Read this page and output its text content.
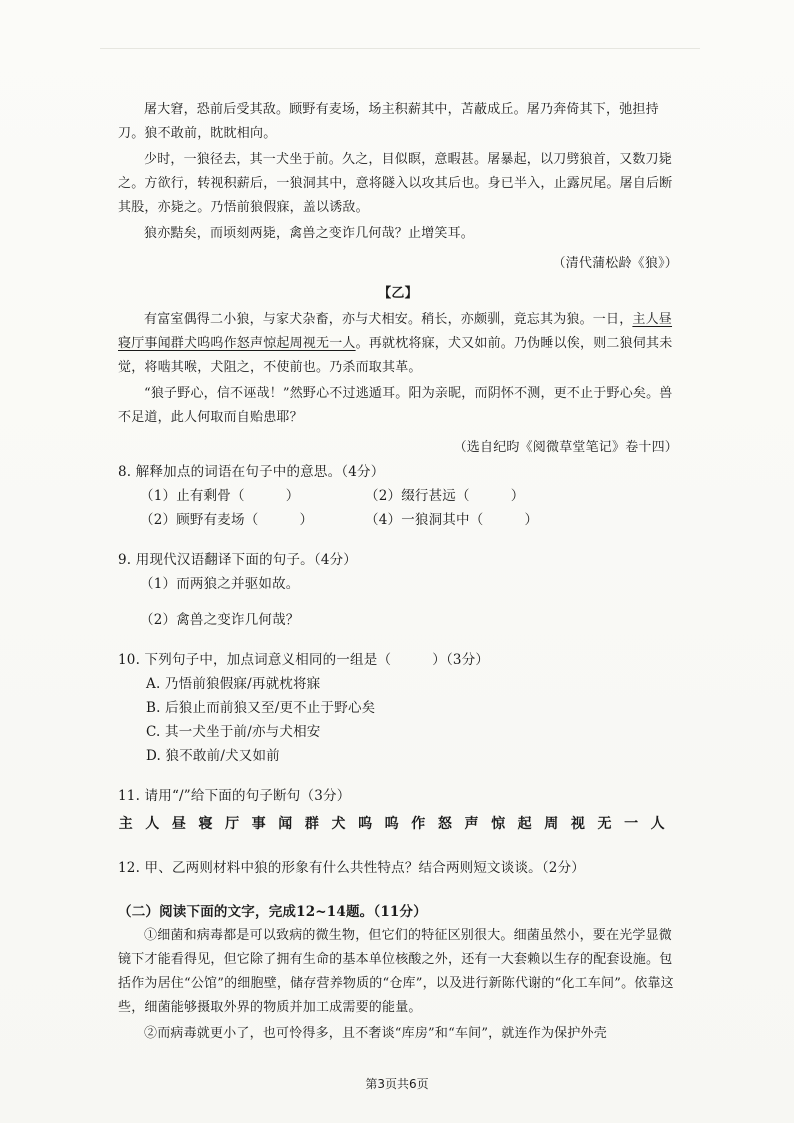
屠大窘，恐前后受其敌。顾野有麦场，场主积薪其中，苫蔽成丘。屠乃奔倚其下，弛担持刀。狼不敢前，眈眈相向。

少时，一狼径去，其一犬坐于前。久之，目似瞑，意暇甚。屠暴起，以刀劈狼首，又数刀毙之。方欲行，转视积薪后，一狼洞其中，意将隧入以攻其后也。身已半入，止露尻尾。屠自后断其股，亦毙之。乃悟前狼假寐，盖以诱敌。

狼亦黠矣，而顷刻两毙，禽兽之变诈几何哉？止增笑耳。

（清代蒲松龄《狼》）

【乙】

有富室偶得二小狼，与家犬杂畜，亦与犬相安。稍长，亦颇驯，竟忘其为狼。一日，主人昼寝厅事闻群犬呜呜作怒声惊起周视无一人。再就枕将寐，犬又如前。乃伪睡以俟，则二狼伺其未觉，将啮其喉，犬阻之，不使前也。乃杀而取其革。

“狼子野心，信不诬哉！”然野心不过逃遁耳。阳为亲昵，而阴怀不测，更不止于野心矣。兽不足道，此人何取而自贻患耶？

（选自纪昀《阅微草堂笔记》卷十四）

8. 解释加点的词语在句子中的意思。（4分）

（1）止有剩骨（　　　）	（2）缀行甚远（　　　）
（2）顾野有麦场（　　　）	（4）一狼洞其中（　　　）

9. 用现代汉语翻译下面的句子。（4分）

（1）而两狼之并驱如故。

（2）禽兽之变诈几何哉？

10. 下列句子中，加点词意义相同的一组是（　　　）（3分）

A. 乃悟前狼假寐/再就枕将寐

B. 后狼止而前狼又至/更不止于野心矣

C. 其一犬坐于前/亦与犬相安

D. 狼不敢前/犬又如前

11. 请用“/”给下面的句子断句（3分）

主人昼寝厅事闻群犬呜呜作怒声惊起周视无一人

12. 甲、乙两则材料中狼的形象有什么共性特点？结合两则短文谈谈。（2分）

（二）阅读下面的文字，完成12~14题。（11分）

①细菌和病毒都是可以致病的微生物，但它们的特征区别很大。细菌虽然小，要在光学显微镜下才能看得见，但它除了拥有生命的基本单位核酸之外，还有一大套赖以生存的配套设施。包括作为居住“公馆”的细胞壁，储存营养物质的“仓库”，以及进行新陈代谢的“化工车间”。依靠这些，细菌能够摄取外界的物质并加工成需要的能量。

②而病毒就更小了，也可怜得多，且不奢谈“库房”和“车间”，就连作为保护外壳

第3页共6页
